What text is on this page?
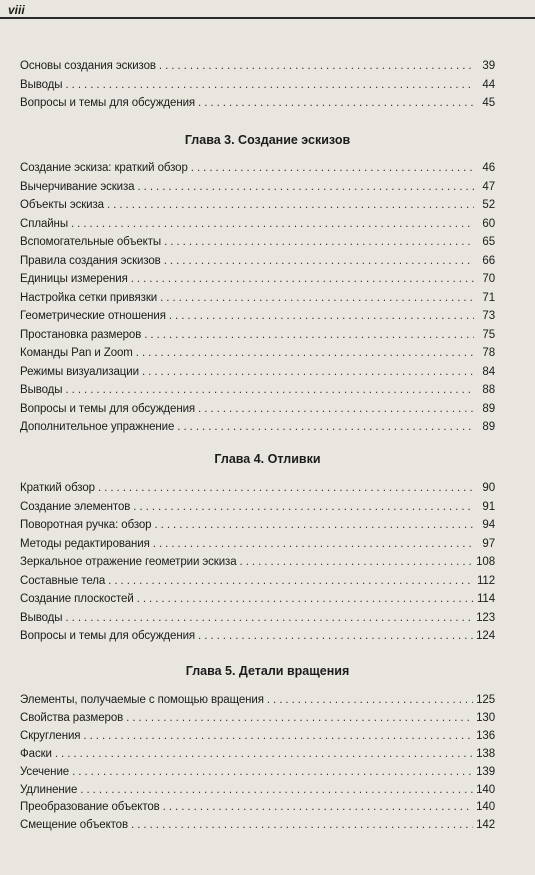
viii
Основы создания эскизов . . .	39
Выводы . . .	44
Вопросы и темы для обсуждения . . .	45
Глава 3. Создание эскизов
Создание эскиза: краткий обзор . . .	46
Вычерчивание эскиза . . .	47
Объекты эскиза . . .	52
Сплайны . . .	60
Вспомогательные объекты . . .	65
Правила создания эскизов . . .	66
Единицы измерения . . .	70
Настройка сетки привязки . . .	71
Геометрические отношения . . .	73
Простановка размеров . . .	75
Команды Pan и Zoom . . .	78
Режимы визуализации . . .	84
Выводы . . .	88
Вопросы и темы для обсуждения . . .	89
Дополнительное упражнение . . .	89
Глава 4. Отливки
Краткий обзор . . .	90
Создание элементов . . .	91
Поворотная ручка: обзор . . .	94
Методы редактирования . . .	97
Зеркальное отражение геометрии эскиза . . .	108
Составные тела . . .	112
Создание плоскостей . . .	114
Выводы . . .	123
Вопросы и темы для обсуждения . . .	124
Глава 5. Детали вращения
Элементы, получаемые с помощью вращения . . .	125
Свойства размеров . . .	130
Скругления . . .	136
Фаски . . .	138
Усечение . . .	139
Удлинение . . .	140
Преобразование объектов . . .	140
Смещение объектов . . .	142
